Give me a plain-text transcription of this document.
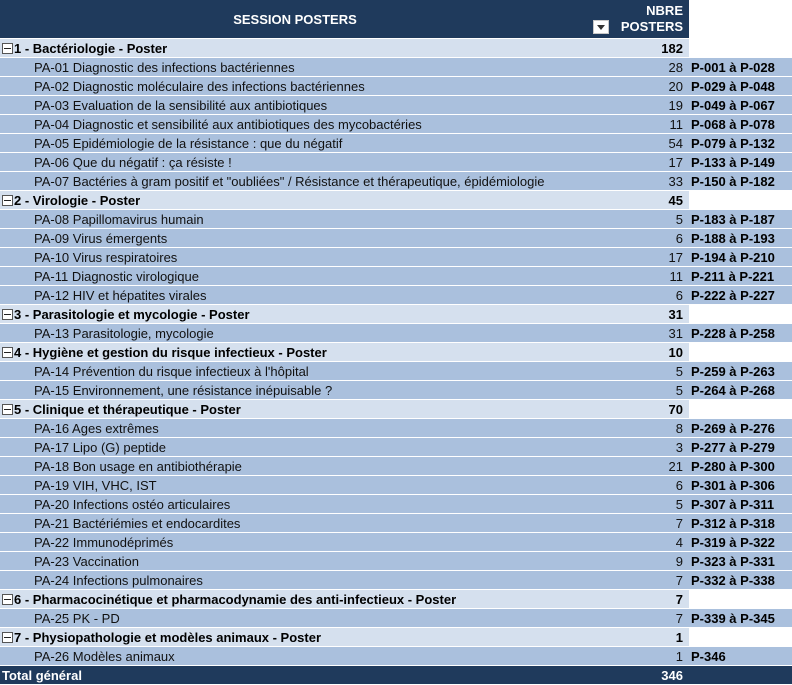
SESSION POSTERS	NBRE
POSTERS	

1 - Bactériologie - Poster	182	
PA-01 Diagnostic des infections bactériennes	28	P-001 à P-028
PA-02 Diagnostic moléculaire des infections bactériennes	20	P-029 à P-048
PA-03 Evaluation de la sensibilité aux antibiotiques	19	P-049 à P-067
PA-04 Diagnostic et sensibilité aux antibiotiques des mycobactéries	11	P-068 à P-078
PA-05 Epidémiologie de la résistance : que du négatif	54	P-079 à P-132
PA-06 Que du négatif : ça résiste !	17	P-133 à P-149
PA-07 Bactéries à gram positif et "oubliées" / Résistance et thérapeutique, épidémiologie	33	P-150 à P-182
2 - Virologie - Poster	45	
PA-08 Papillomavirus humain	5	P-183 à P-187
PA-09 Virus émergents	6	P-188 à P-193
PA-10 Virus respiratoires	17	P-194 à P-210
PA-11 Diagnostic virologique	11	P-211 à P-221
PA-12 HIV et hépatites virales	6	P-222 à P-227
3 - Parasitologie et mycologie - Poster	31	
PA-13 Parasitologie, mycologie	31	P-228 à P-258
4 - Hygiène et gestion du risque infectieux - Poster	10	
PA-14 Prévention du risque infectieux à l'hôpital	5	P-259 à P-263
PA-15 Environnement, une résistance inépuisable ?	5	P-264 à P-268
5 - Clinique et thérapeutique - Poster	70	
PA-16 Ages extrêmes	8	P-269 à P-276
PA-17 Lipo (G) peptide	3	P-277 à P-279
PA-18 Bon usage en antibiothérapie	21	P-280 à P-300
PA-19 VIH, VHC, IST	6	P-301 à P-306
PA-20 Infections ostéo articulaires	5	P-307 à P-311
PA-21 Bactériémies et endocardites	7	P-312 à P-318
PA-22 Immunodéprimés	4	P-319 à P-322
PA-23 Vaccination	9	P-323 à P-331
PA-24 Infections pulmonaires	7	P-332 à P-338
6 - Pharmacocinétique et pharmacodynamie des anti-infectieux - Poster	7	
PA-25 PK - PD	7	P-339 à P-345
7 - Physiopathologie et modèles animaux - Poster	1	
PA-26 Modèles animaux	1	P-346
Total général	346	
